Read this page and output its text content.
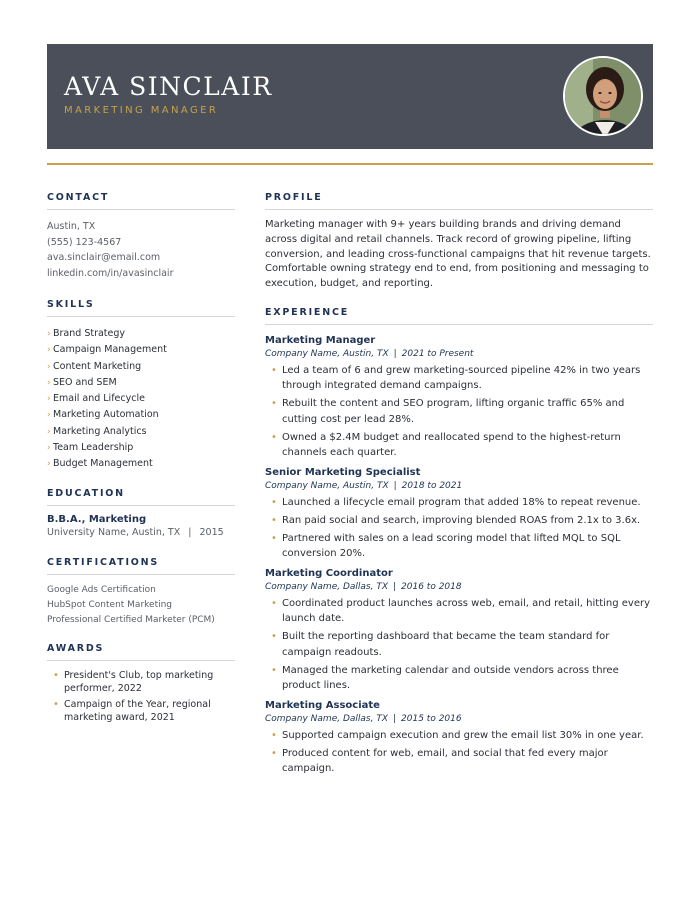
AVA SINCLAIR
MARKETING MANAGER
CONTACT
Austin, TX
(555) 123-4567
ava.sinclair@email.com
linkedin.com/in/avasinclair
SKILLS
› Brand Strategy
› Campaign Management
› Content Marketing
› SEO and SEM
› Email and Lifecycle
› Marketing Automation
› Marketing Analytics
› Team Leadership
› Budget Management
EDUCATION
B.B.A., Marketing
University Name, Austin, TX | 2015
CERTIFICATIONS
Google Ads Certification
HubSpot Content Marketing
Professional Certified Marketer (PCM)
AWARDS
• President's Club, top marketing performer, 2022
• Campaign of the Year, regional marketing award, 2021
PROFILE
Marketing manager with 9+ years building brands and driving demand across digital and retail channels. Track record of growing pipeline, lifting conversion, and leading cross-functional campaigns that hit revenue targets. Comfortable owning strategy end to end, from positioning and messaging to execution, budget, and reporting.
EXPERIENCE
Marketing Manager
Company Name, Austin, TX | 2021 to Present
• Led a team of 6 and grew marketing-sourced pipeline 42% in two years through integrated demand campaigns.
• Rebuilt the content and SEO program, lifting organic traffic 65% and cutting cost per lead 28%.
• Owned a $2.4M budget and reallocated spend to the highest-return channels each quarter.
Senior Marketing Specialist
Company Name, Austin, TX | 2018 to 2021
• Launched a lifecycle email program that added 18% to repeat revenue.
• Ran paid social and search, improving blended ROAS from 2.1x to 3.6x.
• Partnered with sales on a lead scoring model that lifted MQL to SQL conversion 20%.
Marketing Coordinator
Company Name, Dallas, TX | 2016 to 2018
• Coordinated product launches across web, email, and retail, hitting every launch date.
• Built the reporting dashboard that became the team standard for campaign readouts.
• Managed the marketing calendar and outside vendors across three product lines.
Marketing Associate
Company Name, Dallas, TX | 2015 to 2016
• Supported campaign execution and grew the email list 30% in one year.
• Produced content for web, email, and social that fed every major campaign.
